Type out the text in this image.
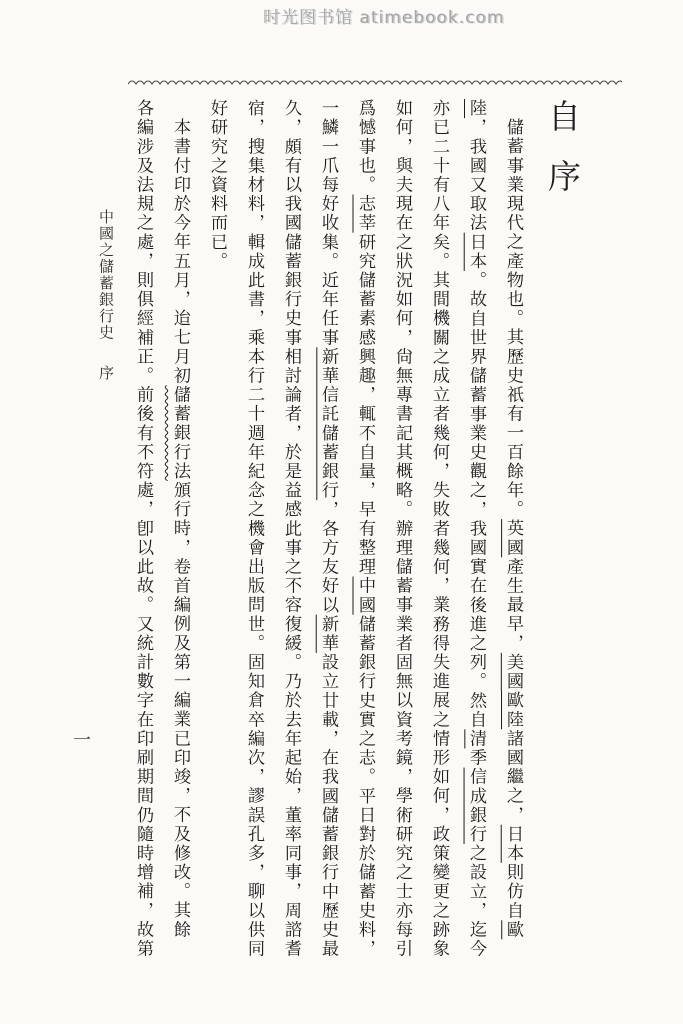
时光图书馆 atimebook.com
自序
儲蓄事業現代之產物也。其歷史祇有一百餘年。英國產生最早，美國歐陸諸國繼之，日本則仿自歐
陸，我國又取法日本。故自世界儲蓄事業史觀之，我國實在後進之列。然自清季信成銀行之設立，迄今
亦已二十有八年矣。其間機關之成立者幾何，失敗者幾何，業務得失進展之情形如何，政策變更之跡象
如何，與夫現在之狀況如何，尙無專書記其概略。辦理儲蓄事業者固無以資考鏡，學術研究之士亦每引
爲憾事也。志莘研究儲蓄素感興趣，輒不自量，早有整理中國儲蓄銀行史實之志。平日對於儲蓄史料，
一鱗一爪每好收集。近年任事新華信託儲蓄銀行，各方友好以新華設立廿載，在我國儲蓄銀行中歷史最
久，頗有以我國儲蓄銀行史事相討論者，於是益感此事之不容復緩。乃於去年起始，董率同事，周諮耆
宿，搜集材料，輯成此書，乘本行二十週年紀念之機會出版問世。固知倉卒編次，謬誤孔多，聊以供同
好研究之資料而已。
本書付印於今年五月，迨七月初儲蓄銀行法頒行時，卷首編例及第一編業已印竣，不及修改。其餘
各編涉及法規之處，則俱經補正。前後有不符處，卽以此故。又統計數字在印刷期間仍隨時增補，故第
中國之儲蓄銀行史序
一
